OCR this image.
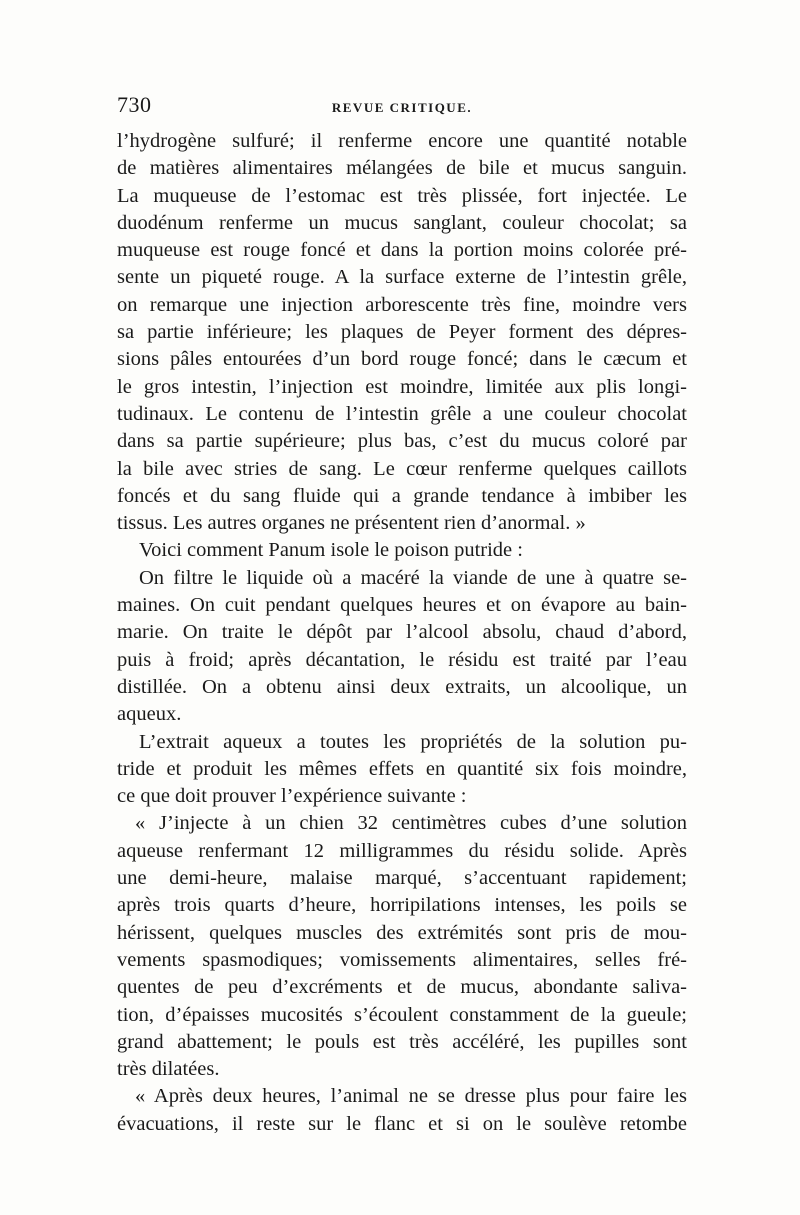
730	REVUE CRITIQUE.
l’hydrogène sulfuré; il renferme encore une quantité notable
de matières alimentaires mélangées de bile et mucus sanguin.
La muqueuse de l’estomac est très plissée, fort injectée. Le
duodénum renferme un mucus sanglant, couleur chocolat; sa
muqueuse est rouge foncé et dans la portion moins colorée pré-
sente un piqueté rouge. A la surface externe de l’intestin grêle,
on remarque une injection arborescente très fine, moindre vers
sa partie inférieure; les plaques de Peyer forment des dépres-
sions pâles entourées d’un bord rouge foncé; dans le cæcum et
le gros intestin, l’injection est moindre, limitée aux plis longi-
tudinaux. Le contenu de l’intestin grêle a une couleur chocolat
dans sa partie supérieure; plus bas, c’est du mucus coloré par
la bile avec stries de sang. Le cœur renferme quelques caillots
foncés et du sang fluide qui a grande tendance à imbiber les
tissus. Les autres organes ne présentent rien d’anormal. »
Voici comment Panum isole le poison putride :
On filtre le liquide où a macéré la viande de une à quatre se-
maines. On cuit pendant quelques heures et on évapore au bain-
marie. On traite le dépôt par l’alcool absolu, chaud d’abord,
puis à froid; après décantation, le résidu est traité par l’eau
distillée. On a obtenu ainsi deux extraits, un alcoolique, un
aqueux.
L’extrait aqueux a toutes les propriétés de la solution pu-
tride et produit les mêmes effets en quantité six fois moindre,
ce que doit prouver l’expérience suivante :
« J’injecte à un chien 32 centimètres cubes d’une solution
aqueuse renfermant 12 milligrammes du résidu solide. Après
une demi-heure, malaise marqué, s’accentuant rapidement;
après trois quarts d’heure, horripilations intenses, les poils se
hérissent, quelques muscles des extrémités sont pris de mou-
vements spasmodiques; vomissements alimentaires, selles fré-
quentes de peu d’excréments et de mucus, abondante saliva-
tion, d’épaisses mucosités s’écoulent constamment de la gueule;
grand abattement; le pouls est très accéléré, les pupilles sont
très dilatées.
« Après deux heures, l’animal ne se dresse plus pour faire les
évacuations, il reste sur le flanc et si on le soulève retombe
